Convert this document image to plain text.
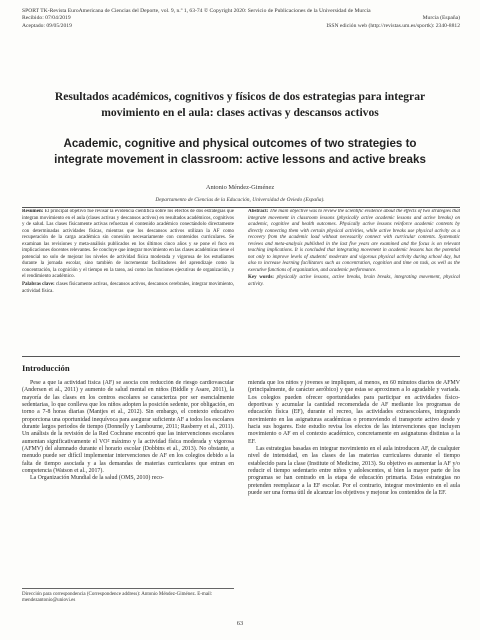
SPORT TK-Revista EuroAmericana de Ciencias del Deporte, vol. 9, n.º 1, 63-74 © Copyright 2020: Servicio de Publicaciones de la Universidad de Murcia
Recibido: 07/04/2019	Murcia (España)
Aceptado: 09/05/2019	ISSN edición web (http://revistas.um.es/sportk): 2340-8812
Resultados académicos, cognitivos y físicos de dos estrategias para integrar movimiento en el aula: clases activas y descansos activos
Academic, cognitive and physical outcomes of two strategies to integrate movement in classroom: active lessons and active breaks
Antonio Méndez-Giménez
Departamento de Ciencias de la Educación, Universidad de Oviedo (España).

Resumen: El principal objetivo fue revisar la evidencia científica sobre los efectos de dos estrategias que integran movimiento en el aula (clases activas y descansos activos) en resultados académicos, cognitivos y de salud. Las clases físicamente activas refuerzan el contenido académico conectándolo directamente con determinadas actividades físicas, mientras que los descansos activos utilizan la AF como recuperación de la carga académica sin conexión necesariamente con contenidos curriculares. Se examinan las revisiones y meta-análisis publicados en los últimos cinco años y se pone el foco en implicaciones docentes relevantes. Se concluye que integrar movimiento en las clases académicas tiene el potencial no solo de mejorar los niveles de actividad física moderada y vigorosa de los estudiantes durante la jornada escolar, sino también de incrementar facilitadores del aprendizaje como la concentración, la cognición y el tiempo en la tarea, así como las funciones ejecutivas de organización, y el rendimiento académico.

Palabras clave: clases físicamente activas, descansos activos, descansos cerebrales, integrar movimiento, actividad física.

Abstract: The main objective was to review the scientific evidence about the effects of two strategies that integrate movement in classroom lessons (physically active academic lessons and active breaks) on academic, cognitive and health outcomes. Physically active lessons reinforce academic contents by directly connecting them with certain physical activities, while active breaks use physical activity as a recovery from the academic load without necessarily connect with curricular contents. Systematic reviews and meta-analysis published in the last five years are examined and the focus is on relevant teaching implications. It is concluded that integrating movement in academic lessons has the potential not only to improve levels of students' moderate and vigorous physical activity during school day, but also to increase learning facilitators such as concentration, cognition and time on task, as well as the executive functions of organization, and academic performance.

Key words: physically active lessons, active breaks, brain breaks, integrating movement, physical activity.

Introducción

Pese a que la actividad física (AF) se asocia con reducción de riesgo cardiovascular (Andersen et al., 2011) y aumento de salud mental en niños (Biddle y Asare, 2011), la mayoría de las clases en los centros escolares se caracteriza por ser esencialmente sedentarias, lo que conlleva que los niños adopten la posición sedente, por obligación, en torno a 7-8 horas diarias (Mantjes et al., 2012). Sin embargo, el contexto educativo proporciona una oportunidad inequívoca para asegurar suficiente AF a todos los escolares durante largos periodos de tiempo (Donnelly y Lambourne, 2011; Rasberry et al., 2011). Un análisis de la revisión de la Red Cochrane encontró que las intervenciones escolares aumentan significativamente el VO² máximo y la actividad física moderada y vigorosa (AFMV) del alumnado durante el horario escolar (Dobbins et al., 2013). No obstante, a menudo puede ser difícil implementar intervenciones de AF en los colegios debido a la falta de tiempo asociada y a las demandas de materias curriculares que entran en competencia (Watson et al., 2017).

La Organización Mundial de la salud (OMS, 2010) reco-

mienda que los niños y jóvenes se impliquen, al menos, en 60 minutos diarios de AFMV (principalmente, de carácter aeróbico) y que estas se aproximen a lo agradable y variada. Los colegios pueden ofrecer oportunidades para participar en actividades físico-deportivas y acumular la cantidad recomendada de AF mediante los programas de educación física (EF), durante el recreo, las actividades extraescolares, integrando movimiento en las asignaturas académicas o promoviendo el transporte activo desde y hacia sus hogares. Este estudio revisa los efectos de las intervenciones que incluyen movimiento o AF en el contexto académico, concretamente en asignaturas distintas a la EF.

Las estrategias basadas en integrar movimiento en el aula introducen AF, de cualquier nivel de intensidad, en las clases de las materias curriculares durante el tiempo establecido para la clase (Institute of Medicine, 2013). Su objetivo es aumentar la AF y/o reducir el tiempo sedentario entre niños y adolescentes, si bien la mayor parte de los programas se han centrado en la etapa de educación primaria. Estas estrategias no pretenden reemplazar a la EF escolar. Por el contrario, integrar movimiento en el aula puede ser una forma útil de alcanzar los objetivos y mejorar los contenidos de la EF.

Dirección para correspondencia (Correspondence address): Antonio Méndez-Giménez. E-mail: mendezantonio@uniovi.es
63
